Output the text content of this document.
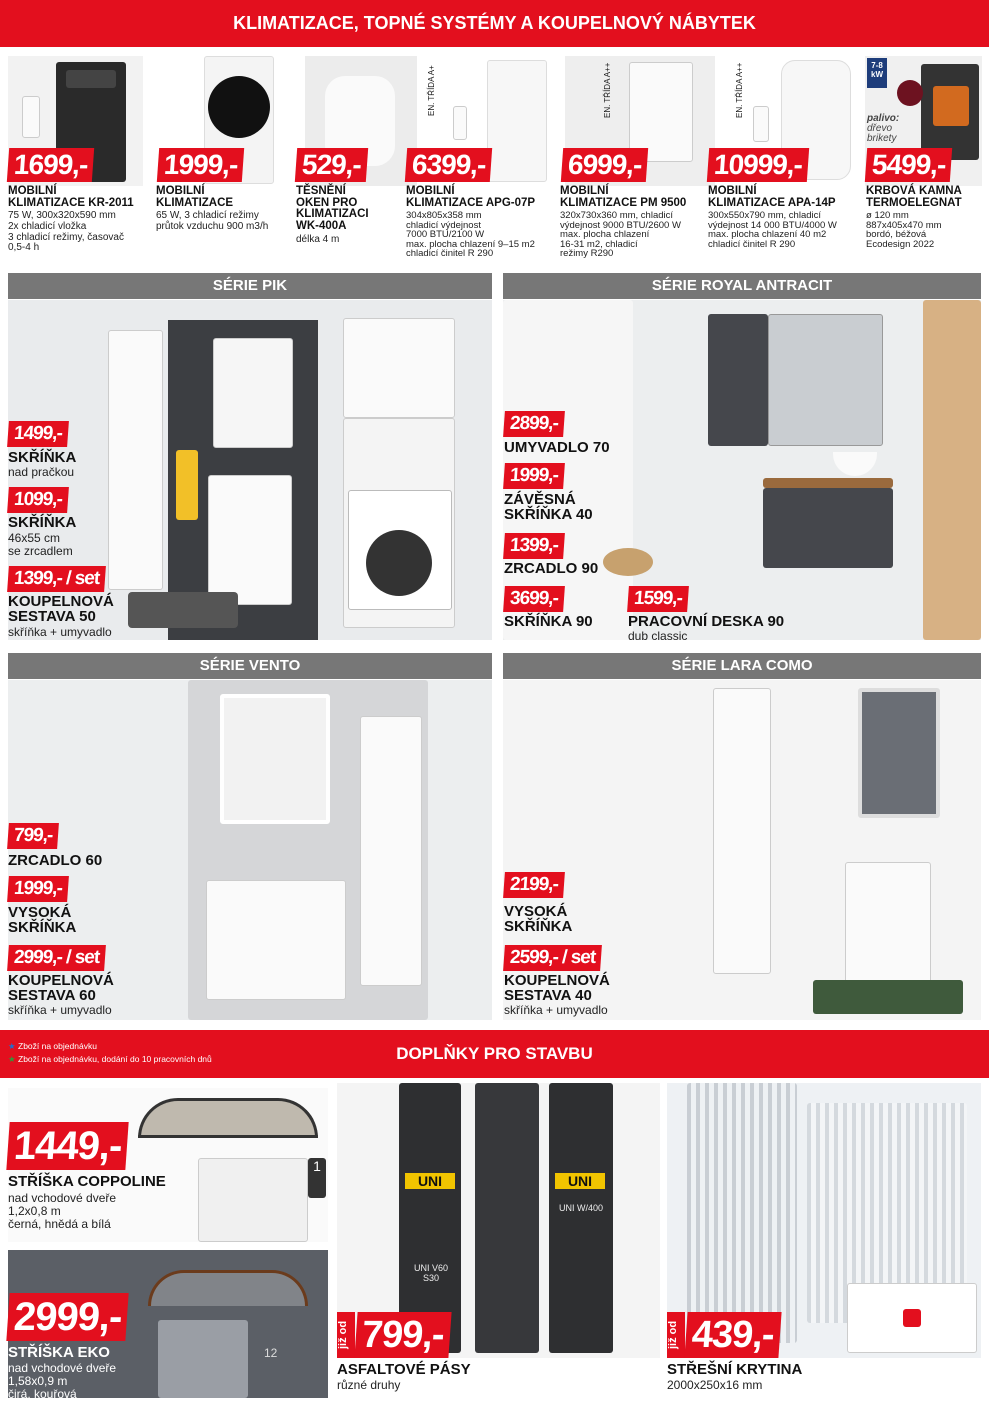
KLIMATIZACE, TOPNÉ SYSTÉMY A KOUPELNOVÝ NÁBYTEK
EN. TŘÍDA A+	EN. TŘÍDA A++	EN. TŘÍDA A++	7-8 kW
palivo:
dřevo
brikety
1699,-	1999,- 529,- 6399,-	6999,-	10999,- 5499,-
MOBILNÍ
KLIMATIZACE KR-2011
75 W, 300x320x590 mm
2x chladicí vložka
3 chladicí režimy, časovač
0,5-4 h
MOBILNÍ
KLIMATIZACE
65 W, 3 chladicí režimy
průtok vzduchu 900 m3/h
TĚSNĚNÍ
OKEN PRO
KLIMATIZACI
WK-400A
délka 4 m
MOBILNÍ
KLIMATIZACE APG-07P
304x805x358 mm
chladicí výdejnost
7000 BTU/2100 W
max. plocha chlazení 9–15 m2
chladicí činitel R 290
MOBILNÍ
KLIMATIZACE PM 9500
320x730x360 mm, chladicí
výdejnost 9000 BTU/2600 W
max. plocha chlazení
16-31 m2, chladicí
režimy R290
MOBILNÍ
KLIMATIZACE APA-14P
300x550x790 mm, chladicí
výdejnost 14 000 BTU/4000 W
max. plocha chlazení 40 m2
chladicí činitel R 290
KRBOVÁ KAMNA
TERMOELEGNAT
ø 120 mm
887x405x470 mm
bordó, béžová
Ecodesign 2022
SÉRIE PIK
1499,-
SKŘÍŇKA
nad pračkou
1099,-
SKŘÍŇKA
46x55 cm
se zrcadlem
1399,- / set
KOUPELNOVÁ
SESTAVA 50
skříňka + umyvadlo
SÉRIE ROYAL ANTRACIT
2899,-
UMYVADLO 70
1999,-
ZÁVĚSNÁ
SKŘÍŇKA 40
1399,-
ZRCADLO 90
3699,-
SKŘÍŇKA 90
1599,-
PRACOVNÍ DESKA 90
dub classic
SÉRIE VENTO
799,-
ZRCADLO 60
1999,-
VYSOKÁ
SKŘÍŇKA
2999,- / set
KOUPELNOVÁ
SESTAVA 60
skříňka + umyvadlo
SÉRIE LARA COMO
2199,-
VYSOKÁ
SKŘÍŇKA
2599,- / set
KOUPELNOVÁ
SESTAVA 40
skříňka + umyvadlo
DOPLŇKY PRO STAVBU
★ Zboží na objednávku
★ Zboží na objednávku, dodání do 10 pracovních dnů
1
1449,-
STŘÍŠKA COPPOLINE
nad vchodové dveře
1,2x0,8 m
černá, hnědá a bílá
12
2999,-
STŘÍŠKA EKO
nad vchodové dveře
1,58x0,9 m
čirá, kouřová
UNI	UNI
UNI V60 S30
UNI W/400
již od 799,-
ASFALTOVÉ PÁSY
různé druhy
již od 439,-
STŘEŠNÍ KRYTINA
2000x250x16 mm
